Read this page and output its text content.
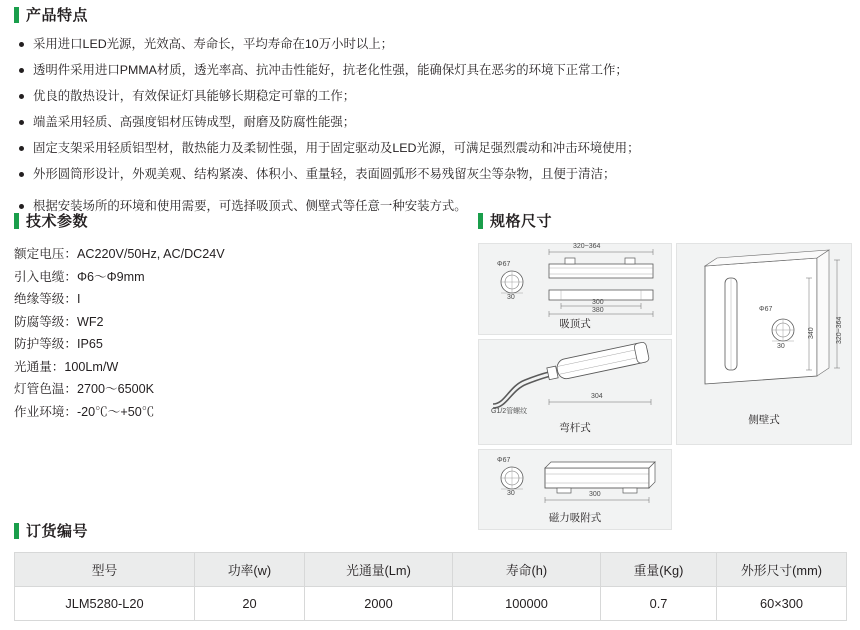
产品特点
采用进口LED光源，光效高、寿命长，平均寿命在10万小时以上；
透明件采用进口PMMA材质，透光率高、抗冲击性能好，抗老化性强，能确保灯具在恶劣的环境下正常工作；
优良的散热设计，有效保证灯具能够长期稳定可靠的工作；
端盖采用轻质、高强度铝材压铸成型，耐磨及防腐性能强；
固定支架采用轻质铝型材，散热能力及柔韧性强，用于固定驱动及LED光源，可满足强烈震动和冲击环境使用；
外形圆筒形设计，外观美观、结构紧凑、体积小、重量轻，表面圆弧形不易残留灰尘等杂物，且便于清洁；
根据安装场所的环境和使用需要，可选择吸顶式、侧壁式等任意一种安装方式。
技术参数
额定电压：AC220V/50Hz, AC/DC24V
引入电缆：Φ6～Φ9mm
绝缘等级：I
防腐等级：WF2
防护等级：IP65
光通量：100Lm/W
灯管色温：2700～6500K
作业环境：-20℃～+50℃
规格尺寸
320~364
300
380
Φ67
30
吸顶式
304
G1/2管螺纹
弯杆式
300
Φ67
30
磁力吸附式
340	320~364
Φ67
30
侧壁式
订货编号
型号	功率(w)	光通量(Lm)	寿命(h)	重量(Kg)	外形尺寸(mm)
JLM5280-L20	20	2000	100000	0.7	60×300
